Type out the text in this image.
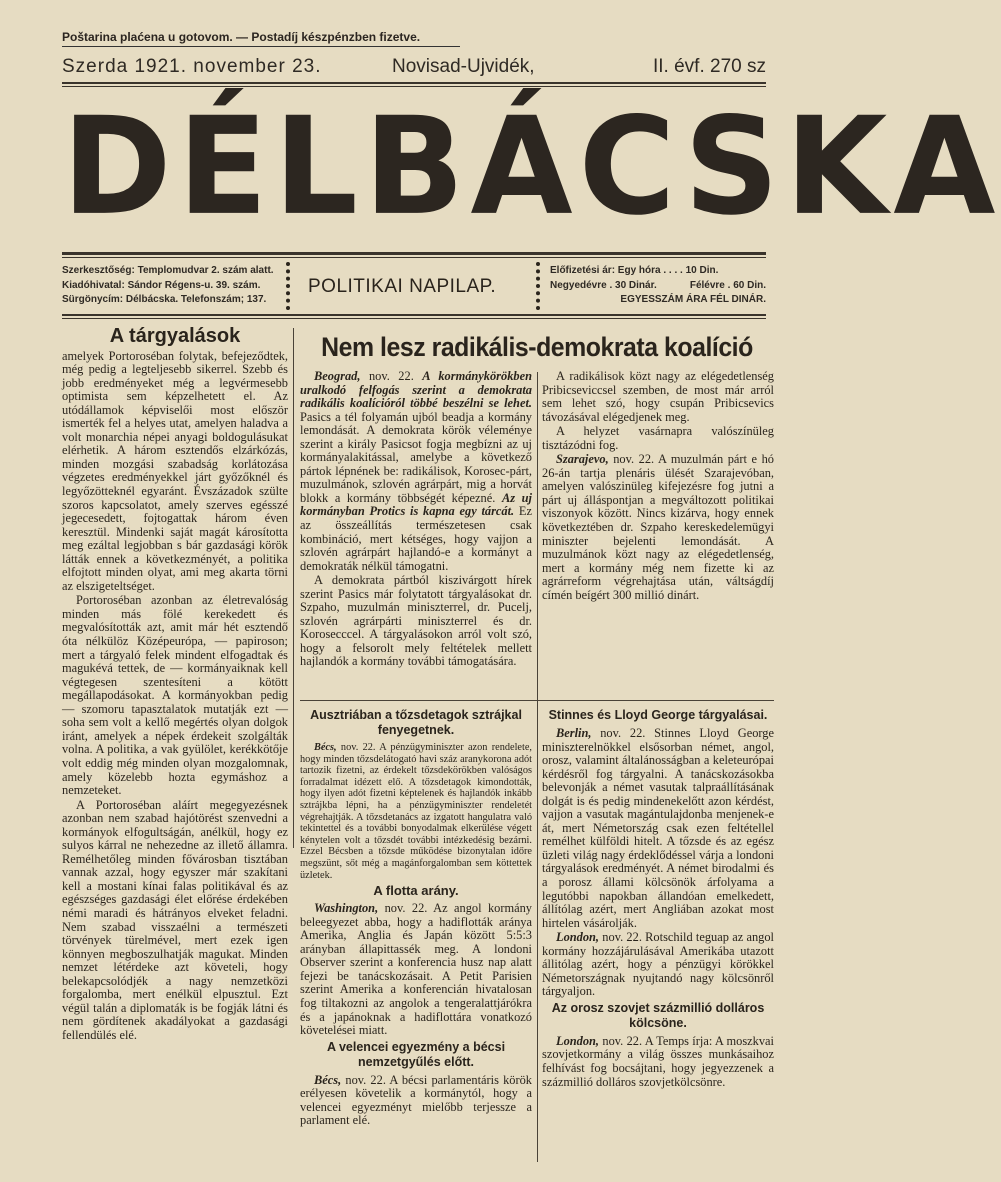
Poštarina plaćena u gotovom. — Postadíj készpénzben fizetve.
Szerda 1921. november 23.	Novisad-Ujvidék,	II. évf. 270 sz
DÉLBÁCSKA
Szerkesztőség: Templomudvar 2. szám alatt.
Kiadóhivatal: Sándor Régens-u. 39. szám.
Sürgönycím: Délbácska. Telefonszám; 137.
POLITIKAI NAPILAP.
Előfizetési ár: Egy hóra . . . . 10 Din.
Negyedévre . 30 Dinár.	Félévre . 60 Din.
EGYESSZÁM ÁRA FÉL DINÁR.
A tárgyalások

amelyek Portoroséban folytak, befejeződtek, még pedig a legteljesebb sikerrel. Szebb és jobb eredményeket még a legvérmesebb optimista sem képzelhetett el. Az utódállamok képviselői most először ismerték fel a helyes utat, amelyen haladva a volt monarchia népei anyagi boldogulásukat elérhetik. A három esztendős elzárkózás, minden mozgási szabadság korlátozása végzetes eredményekkel járt győzőknél és legyőzötteknél egyaránt. Évszázadok szülte szoros kapcsolatot, amely szerves egésszé jegecesedett, fojtogattak három éven keresztül. Mindenki saját magát károsította meg ezáltal legjobban s bár gazdasági körök látták ennek a következményét, a politika elfojtott minden olyat, ami meg akarta törni az elszigeteltséget.

Portoroséban azonban az életrevalóság minden más fölé kerekedett és megvalósították azt, amit már hét esztendő óta nélkülöz Középeurópa, — papiroson; mert a tárgyaló felek mindent elfogadtak és magukévá tettek, de — kormányaiknak kell végtegesen szentesíteni a kötött megállapodásokat. A kormányokban pedig — szomoru tapasztalatok mutatják ezt — soha sem volt a kellő megértés olyan dolgok iránt, amelyek a népek érdekeit szolgálták volna. A politika, a vak gyülölet, kerékkötője volt eddig még minden olyan mozgalomnak, amely közelebb hozta egymáshoz a nemzeteket.

A Portoroséban aláírt megegyezésnek azonban nem szabad hajótörést szenvedni a kormányok elfogultságán, anélkül, hogy ez sulyos kárral ne nehezedne az illető államra. Remélhetőleg minden fővárosban tisztában vannak azzal, hogy egyszer már szakítani kell a mostani kínai falas politikával és az egészséges gazdasági élet előrése érdekében némi maradi és hátrányos elveket feladni. Nem szabad visszaélni a természeti törvények türelmével, mert ezek igen könnyen megboszulhatják magukat. Minden nemzet létérdeke azt követeli, hogy belekapcsolódjék a nagy nemzetközi forgalomba, mert enélkül elpusztul. Ezt végül talán a diplomaták is be fogják látni és nem gördítenek akadályokat a gazdasági fellendülés elé.

Nem lesz radikális-demokrata koalíció

Beograd, nov. 22. A kormánykörökben uralkodó felfogás szerint a demokrata radikális koalícióról többé beszélni se lehet. Pasics a tél folyamán ujból beadja a kormány lemondását. A demokrata körök véleménye szerint a király Pasicsot fogja megbízni az uj kormányalakitással, amelybe a következő pártok lépnének be: radikálisok, Korosec-párt, muzulmánok, szlovén agrárpárt, mig a horvát blokk a kormány többségét képezné. Az uj kormányban Protics is kapna egy tárcát. Ez az összeállítás természetesen csak kombináció, mert kétséges, hogy vajjon a szlovén agrárpárt hajlandó-e a kormányt a demokraták nélkül támogatni.

A demokrata pártból kiszivárgott hírek szerint Pasics már folytatott tárgyalásokat dr. Szpaho, muzulmán miniszterrel, dr. Pucelj, szlovén agrárpárti miniszterrel és dr. Korosecccel. A tárgyalásokon arról volt szó, hogy a felsorolt mely feltételek mellett hajlandók a kormány további támogatására.

A radikálisok közt nagy az elégedetlenség Pribicseviccsel szemben, de most már arról sem lehet szó, hogy csupán Pribicsevics távozásával elégedjenek meg.

A helyzet vasárnapra valószínüleg tisztázódni fog.

Szarajevo, nov. 22. A muzulmán párt e hó 26-án tartja plenáris ülését Szarajevóban, amelyen valószinüleg kifejezésre fog jutni a párt uj álláspontjan a megváltozott politikai viszonyok között. Nincs kizárva, hogy ennek következtében dr. Szpaho kereskedelemügyi miniszter bejelenti lemondását. A muzulmánok közt nagy az elégedetlenség, mert a kormány még nem fizette ki az agrárreform végrehajtása után, váltságdíj címén beígért 300 millió dinárt.

Ausztriában a tőzsdetagok sztrájkal fenyegetnek.

Bécs, nov. 22. A pénzügyminiszter azon rendelete, hogy minden tőzsdelátogató havi száz aranykorona adót tartozik fizetni, az érdekelt tőzsdekörökben valóságos forradalmat idézett elő. A tőzsdetagok kimondották, hogy ilyen adót fizetni képtelenek és hajlandók inkább sztrájkba lépni, ha a pénzügyminiszter rendeletét végrehajtják. A tőzsdetanács az izgatott hangulatra való tekintettel és a további bonyodalmak elkerülése végett kénytelen volt a tőzsdét további intézkedésig bezárni. Ezzel Bécsben a tőzsde működése bizonytalan időre megszünt, sőt még a magánforgalomban sem köttettek üzletek.

A flotta arány.

Washington, nov. 22. Az angol kormány beleegyezet abba, hogy a hadiflották aránya Amerika, Anglia és Japán között 5:5:3 arányban állapittassék meg. A londoni Observer szerint a konferencia husz nap alatt fejezi be tanácskozásait. A Petit Parisien szerint Amerika a konferencián hivatalosan fog tiltakozni az angolok a tengeralattjárókra és a japánoknak a hadiflottára vonatkozó követelései miatt.

A velencei egyezmény a bécsi nemzetgyűlés előtt.

Bécs, nov. 22. A bécsi parlamentáris körök erélyesen követelik a kormánytól, hogy a velencei egyezményt mielőbb terjessze a parlament elé.

Stinnes és Lloyd George tárgyalásai.

Berlin, nov. 22. Stinnes Lloyd George miniszterelnökkel elsősorban német, angol, orosz, valamint általánosságban a keleteurópai kérdésről fog tárgyalni. A tanácskozásokba belevonják a német vasutak talpraállításának dolgát is és pedig mindenekelőtt azon kérdést, vajjon a vasutak magántulajdonba menjenek-e át, mert Németország csak ezen feltétellel remélhet külföldi hitelt. A tőzsde és az egész üzleti világ nagy érdeklődéssel várja a londoni tárgyalások eredményét. A német birodalmi és a porosz állami kölcsönök árfolyama a legutóbbi napokban állandóan emelkedett, állítólag azért, mert Angliában azokat most hirtelen vásárolják.

London, nov. 22. Rotschild teguap az angol kormány hozzájárulásával Amerikába utazott állitólag azért, hogy a pénzügyi körökkel Németországnak nyujtandó nagy kölcsönről tárgyaljon.

Az orosz szovjet százmillió dolláros kölcsöne.

London, nov. 22. A Temps írja: A moszkvai szovjetkormány a világ összes munkásaihoz felhívást fog bocsájtani, hogy jegyezzenek a százmillió dolláros szovjetkölcsönre.
